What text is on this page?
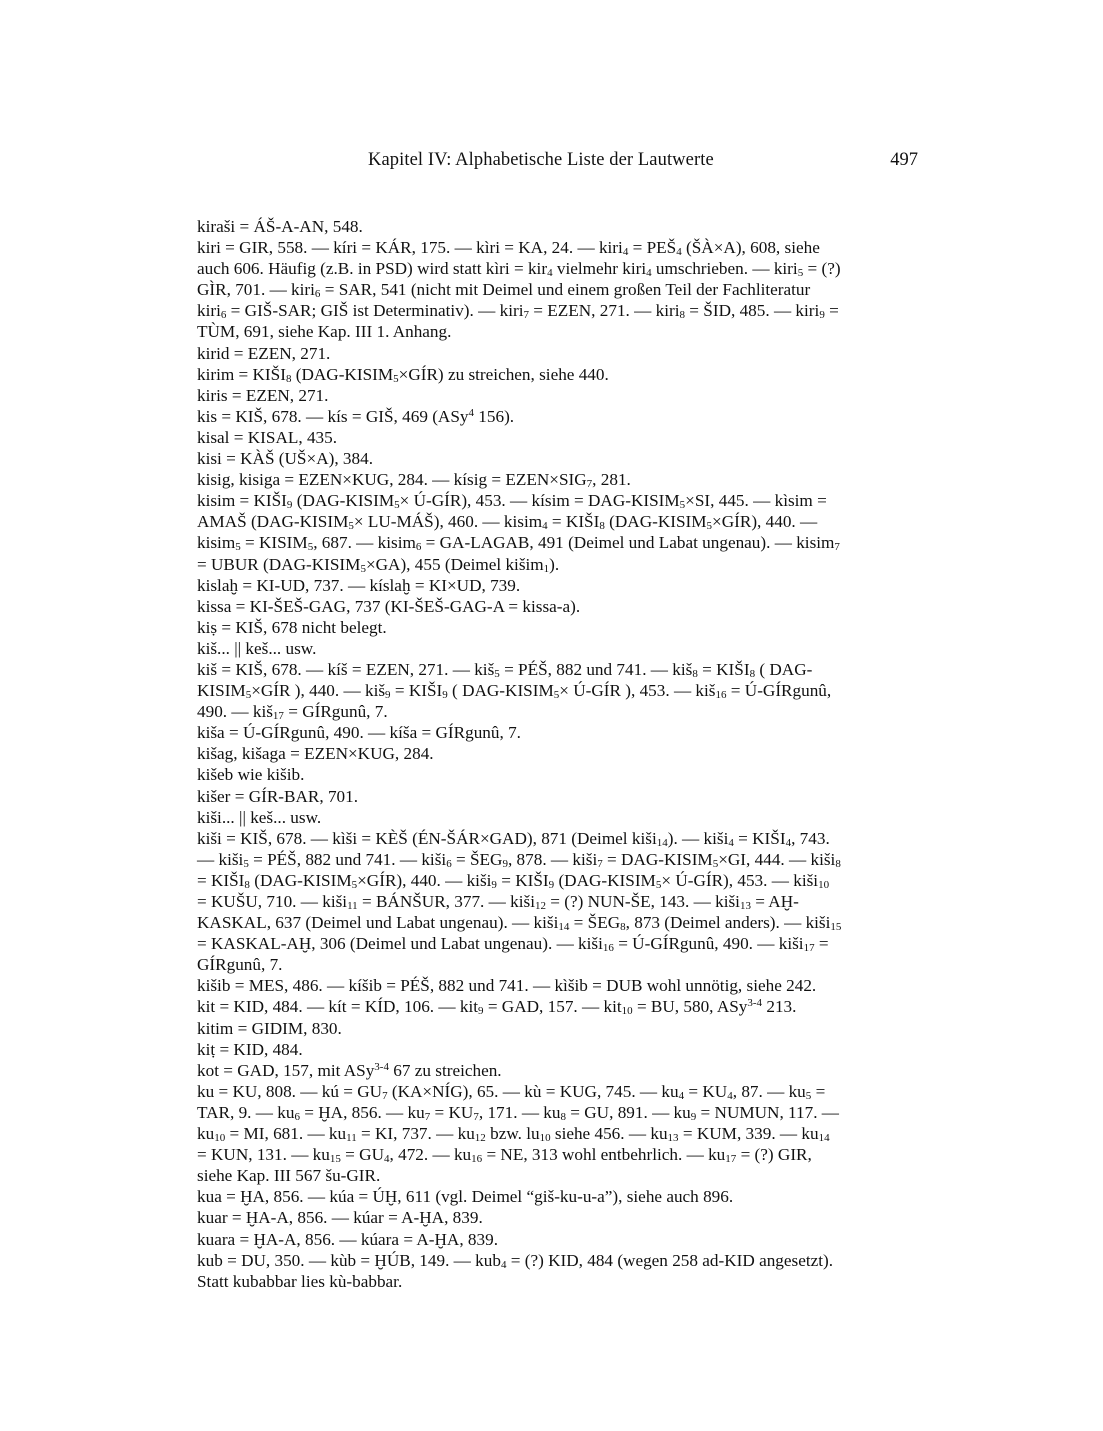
Kapitel IV: Alphabetische Liste der Lautwerte	497
kiraši = ÁŠ-A-AN, 548.
kiri = GIR, 558. — kíri = KÁR, 175. — kìri = KA, 24. — kiri$_4$ = $PEŠ_4$ (ŠÀ×A), 608, siehe
auch 606. Häufig (z.B. in PSD) wird statt kìri = kir$_4$ vielmehr kiri$_4$ umschrieben. — kiri$_5$ = (?)
GÌR, 701. — kiri$_6$ = SAR, 541 (nicht mit Deimel und einem großen Teil der Fachliteratur
kiri$_6$ = GIŠ-SAR; GIŠ ist Determinativ). — kiri$_7$ = EZEN, 271. — kiri$_8$ = ŠID, 485. — kiri$_9$ =
TÙM, 691, siehe Kap. III 1. Anhang.
kirid = EZEN, 271.
kirim = $KIŠI_8$ $(DAG-KISIM_5\times GÍR)$ zu streichen, siehe 440.
kiris = EZEN, 271.
kis = KIŠ, 678. — kís = GIŠ, 469 (ASy$^4$ 156).
kisal = KISAL, 435.
kisi = KÀŠ (UŠ×A), 384.
kisig, kisiga = EZEN×KUG, 284. — kísig = $EZEN\times SIG_7$, 281.
kisim = $KIŠI_9$ ($DAG-KISIM_5\times$ Ú-GÍR), 453. — kísim = DAG-$KISIM_5\times SI$, 445. — kìsim =
AMAŠ ($DAG-KISIM_5\times$ LU-MÁŠ), 460. — kisim$_4$ = $KIŠI_8$ $(DAG-KISIM_5\times GÍR)$, 440. —
kisim$_5$ = $KISIM_5$, 687. — kisim$_6$ = GA-LAGAB, 491 (Deimel und Labat ungenau). — kisim$_7$
= UBUR $(DAG-KISIM_5\times GA)$, 455 (Deimel kišim$_1$).
kislaḫ = KI-UD, 737. — kíslaḫ = KI×UD, 739.
kissa = KI-ŠEŠ-GAG, 737 (KI-ŠEŠ-GAG-A = kissa-a).
kiṣ = KIŠ, 678 nicht belegt.
kiš... || keš... usw.
kiš = KIŠ, 678. — kíš = EZEN, 271. — kiš$_5$ = PÉŠ, 882 und 741. — kiš$_8$ = $KIŠI_8$ ( DAG-
$KISIM_5\times GÍR$ ), 440. — kiš$_9$ = $KIŠI_9$ ( DAG-$KISIM_5\times$ Ú-GÍR ), 453. — kiš$_{16}$ = Ú-GÍRgunû,
490. — kiš$_{17}$ = GÍRgunû, 7.
kiša = Ú-GÍRgunû, 490. — kíša = GÍRgunû, 7.
kišag, kišaga = EZEN×KUG, 284.
kišeb wie kišib.
kišer = GÍR-BAR, 701.
kiši... || keš... usw.
kiši = KIŠ, 678. — kìši = KÈŠ (ÉN-ŠÁR×GAD), 871 (Deimel kiši$_{14}$). — kiši$_4$ = $KIŠI_4$, 743.
— kiši$_5$ = PÉŠ, 882 und 741. — kiši$_6$ = $ŠEG_9$, 878. — kiši$_7$ = DAG-$KISIM_5\times GI$, 444. — kiši$_8$
= $KIŠI_8$ $(DAG-KISIM_5\times GÍR)$, 440. — kiši$_9$ = $KIŠI_9$ ($DAG-KISIM_5\times$ Ú-GÍR), 453. — kiši$_{10}$
= KUŠU, 710. — kiši$_{11}$ = BÁNŠUR, 377. — kiši$_{12}$ = (?) NUN-ŠE, 143. — kiši$_{13}$ = AḪ-
KASKAL, 637 (Deimel und Labat ungenau). — kiši$_{14}$ = $ŠEG_8$, 873 (Deimel anders). — kiši$_{15}$
= KASKAL-AḪ, 306 (Deimel und Labat ungenau). — kiši$_{16}$ = Ú-GÍRgunû, 490. — kiši$_{17}$ =
GÍRgunû, 7.
kišib = MES, 486. — kíšib = PÉŠ, 882 und 741. — kìšib = DUB wohl unnötig, siehe 242.
kit = KID, 484. — kít = KÍD, 106. — kit$_9$ = GAD, 157. — kit$_{10}$ = BU, 580, ASy$^{3-4}$ 213.
kitim = GIDIM, 830.
kiṭ = KID, 484.
kot = GAD, 157, mit ASy$^{3-4}$ 67 zu streichen.
ku = KU, 808. — kú = $GU_7$ (KA×NÍG), 65. — kù = KUG, 745. — $ku_4 = KU_4$, 87. — $ku_5$ =
TAR, 9. — $ku_6$ = ḪA, 856. — $ku_7 = KU_7$, 171. — $ku_8$ = GU, 891. — $ku_9$ = NUMUN, 117. —
$ku_{10}$ = MI, 681. — $ku_{11}$ = KI, 737. — $ku_{12}$ bzw. $lu_{10}$ siehe 456. — $ku_{13}$ = KUM, 339. — $ku_{14}$
= KUN, 131. — $ku_{15} = GU_4$, 472. — $ku_{16}$ = NE, 313 wohl entbehrlich. — $ku_{17}$ = (?) GIR,
siehe Kap. III 567 šu-GIR.
kua = ḪA, 856. — kúa = ÚḪ, 611 (vgl. Deimel “giš-ku-u-a”), siehe auch 896.
kuar = ḪA-A, 856. — kúar = A-ḪA, 839.
kuara = ḪA-A, 856. — kúara = A-ḪA, 839.
kub = DU, 350. — kùb = ḪÚB, 149. — kub$_4$ = (?) KID, 484 (wegen 258 ad-KID angesetzt).
Statt kubabbar lies kù-babbar.
